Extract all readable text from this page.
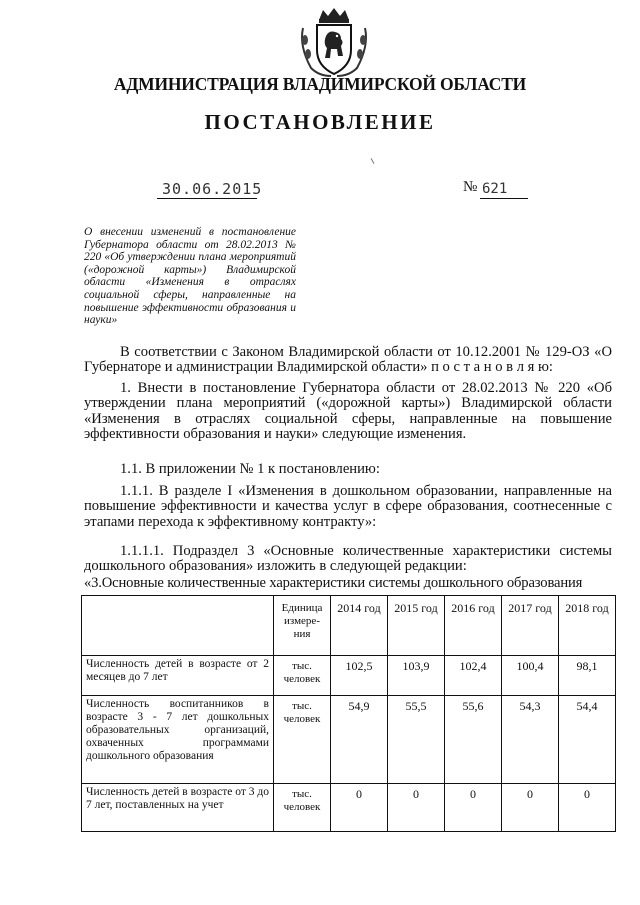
АДМИНИСТРАЦИЯ ВЛАДИМИРСКОЙ ОБЛАСТИ
ПОСТАНОВЛЕНИЕ
30.06.2015	№ 621
О внесении изменений в постановление Губернатора области от 28.02.2013 № 220 «Об утверждении плана мероприятий («дорожной карты») Владимирской области «Изменения в отраслях социальной сферы, направленные на повышение эффективности образования и науки»
В соответствии с Законом Владимирской области от 10.12.2001 № 129-ОЗ «О Губернаторе и администрации Владимирской области» п о с т а н о в л я ю:
1. Внести в постановление Губернатора области от 28.02.2013 № 220 «Об утверждении плана мероприятий («дорожной карты») Владимирской области «Изменения в отраслях социальной сферы, направленные на повышение эффективности образования и науки» следующие изменения.
1.1. В приложении № 1 к постановлению:
1.1.1. В разделе I «Изменения в дошкольном образовании, направленные на повышение эффективности и качества услуг в сфере образования, соотнесенные с этапами перехода к эффективному контракту»:
1.1.1.1. Подраздел 3 «Основные количественные характеристики системы дошкольного образования» изложить в следующей редакции:
«3.Основные количественные характеристики системы дошкольного образования
	Единица измере-ния	2014 год	2015 год	2016 год	2017 год	2018 год
Численность детей в возрасте от 2 месяцев до 7 лет	тыс. человек	102,5	103,9	102,4	100,4	98,1
Численность воспитанников в возрасте 3 - 7 лет дошкольных образовательных организаций, охваченных программами дошкольного образования	тыс. человек	54,9	55,5	55,6	54,3	54,4
Численность детей в возрасте от 3 до 7 лет, поставленных на учет	тыс. человек	0	0	0	0	0
